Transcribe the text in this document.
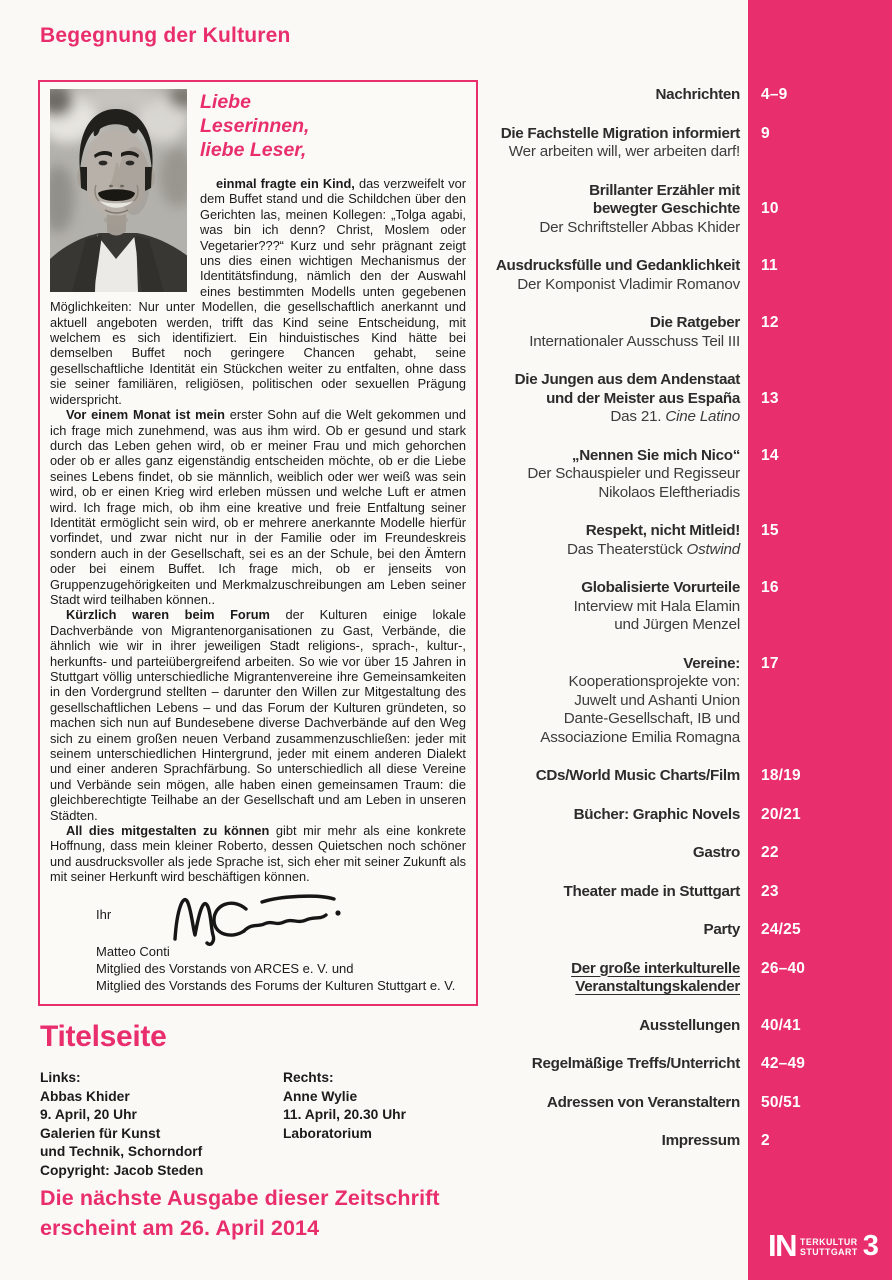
Begegnung der Kulturen
Liebe
Leserinnen,
liebe Leser,

einmal fragte ein Kind, das verzweifelt vor dem Buffet stand und die Schildchen über den Gerichten las, meinen Kollegen: „Tolga agabi, was bin ich denn? Christ, Moslem oder Vegetarier???“ Kurz und sehr prägnant zeigt uns dies einen wichtigen Mechanismus der Identitätsfindung, nämlich den der Auswahl eines bestimmten Modells unten gegebenen Möglichkeiten: Nur unter Modellen, die gesellschaftlich anerkannt und aktuell angeboten werden, trifft das Kind seine Entscheidung, mit welchem es sich identifiziert. Ein hinduistisches Kind hätte bei demselben Buffet noch geringere Chancen gehabt, seine gesellschaftliche Identität ein Stückchen weiter zu entfalten, ohne dass sie seiner familiären, religiösen, politischen oder sexuellen Prägung widerspricht.

Vor einem Monat ist mein erster Sohn auf die Welt gekommen und ich frage mich zunehmend, was aus ihm wird. Ob er gesund und stark durch das Leben gehen wird, ob er meiner Frau und mich gehorchen oder ob er alles ganz eigenständig entscheiden möchte, ob er die Liebe seines Lebens findet, ob sie männlich, weiblich oder wer weiß was sein wird, ob er einen Krieg wird erleben müssen und welche Luft er atmen wird. Ich frage mich, ob ihm eine kreative und freie Entfaltung seiner Identität ermöglicht sein wird, ob er mehrere anerkannte Modelle hierfür vorfindet, und zwar nicht nur in der Familie oder im Freundeskreis sondern auch in der Gesellschaft, sei es an der Schule, bei den Ämtern oder bei einem Buffet. Ich frage mich, ob er jenseits von Gruppenzugehörigkeiten und Merkmalzuschreibungen am Leben seiner Stadt wird teilhaben können..

Kürzlich waren beim Forum der Kulturen einige lokale Dachverbände von Migrantenorganisationen zu Gast, Verbände, die ähnlich wie wir in ihrer jeweiligen Stadt religions-, sprach-, kultur-, herkunfts- und parteiübergreifend arbeiten. So wie vor über 15 Jahren in Stuttgart völlig unterschiedliche Migrantenvereine ihre Gemeinsamkeiten in den Vordergrund stellten – darunter den Willen zur Mitgestaltung des gesellschaftlichen Lebens – und das Forum der Kulturen gründeten, so machen sich nun auf Bundesebene diverse Dachverbände auf den Weg sich zu einem großen neuen Verband zusammenzuschließen: jeder mit seinem unterschiedlichen Hintergrund, jeder mit einem anderen Dialekt und einer anderen Sprachfärbung. So unterschiedlich all diese Vereine und Verbände sein mögen, alle haben einen gemeinsamen Traum: die gleichberechtigte Teilhabe an der Gesellschaft und am Leben in unseren Städten.

All dies mitgestalten zu können gibt mir mehr als eine konkrete Hoffnung, dass mein kleiner Roberto, dessen Quietschen noch schöner und ausdrucksvoller als jede Sprache ist, sich eher mit seiner Zukunft als mit seiner Herkunft wird beschäftigen können.

Ihr
Matteo Conti
Mitglied des Vorstands von ARCES e. V. und
Mitglied des Vorstands des Forums der Kulturen Stuttgart e. V.
Nachrichten	4–9
Die Fachstelle Migration informiert
Wer arbeiten will, wer arbeiten darf!
9
Brillanter Erzähler mit
bewegter Geschichte
Der Schriftsteller Abbas Khider
10
Ausdrucksfülle und Gedanklichkeit
Der Komponist Vladimir Romanov
11
Die Ratgeber
Internationaler Ausschuss Teil III
12
Die Jungen aus dem Andenstaat
und der Meister aus España
Das 21. Cine Latino
13
„Nennen Sie mich Nico“
Der Schauspieler und Regisseur
Nikolaos Eleftheriadis
14
Respekt, nicht Mitleid!
Das Theaterstück Ostwind
15
Globalisierte Vorurteile
Interview mit Hala Elamin
und Jürgen Menzel
16
Vereine:
Kooperationsprojekte von:
Juwelt und Ashanti Union
Dante-Gesellschaft, IB und
Associazione Emilia Romagna
17
CDs/World Music Charts/Film	18/19
Bücher: Graphic Novels	20/21
Gastro	22
Theater made in Stuttgart	23
Party	24/25
Der große interkulturelle
Veranstaltungskalender
26–40
Ausstellungen	40/41
Regelmäßige Treffs/Unterricht	42–49
Adressen von Veranstaltern	50/51
Impressum	2
Titelseite
Links:
Abbas Khider
9. April, 20 Uhr
Galerien für Kunst
und Technik, Schorndorf
Copyright: Jacob Steden
Rechts:
Anne Wylie
11. April, 20.30 Uhr
Laboratorium
Die nächste Ausgabe dieser Zeitschrift
erscheint am 26. April 2014
IN TERKULTUR
STUTTGART 3
